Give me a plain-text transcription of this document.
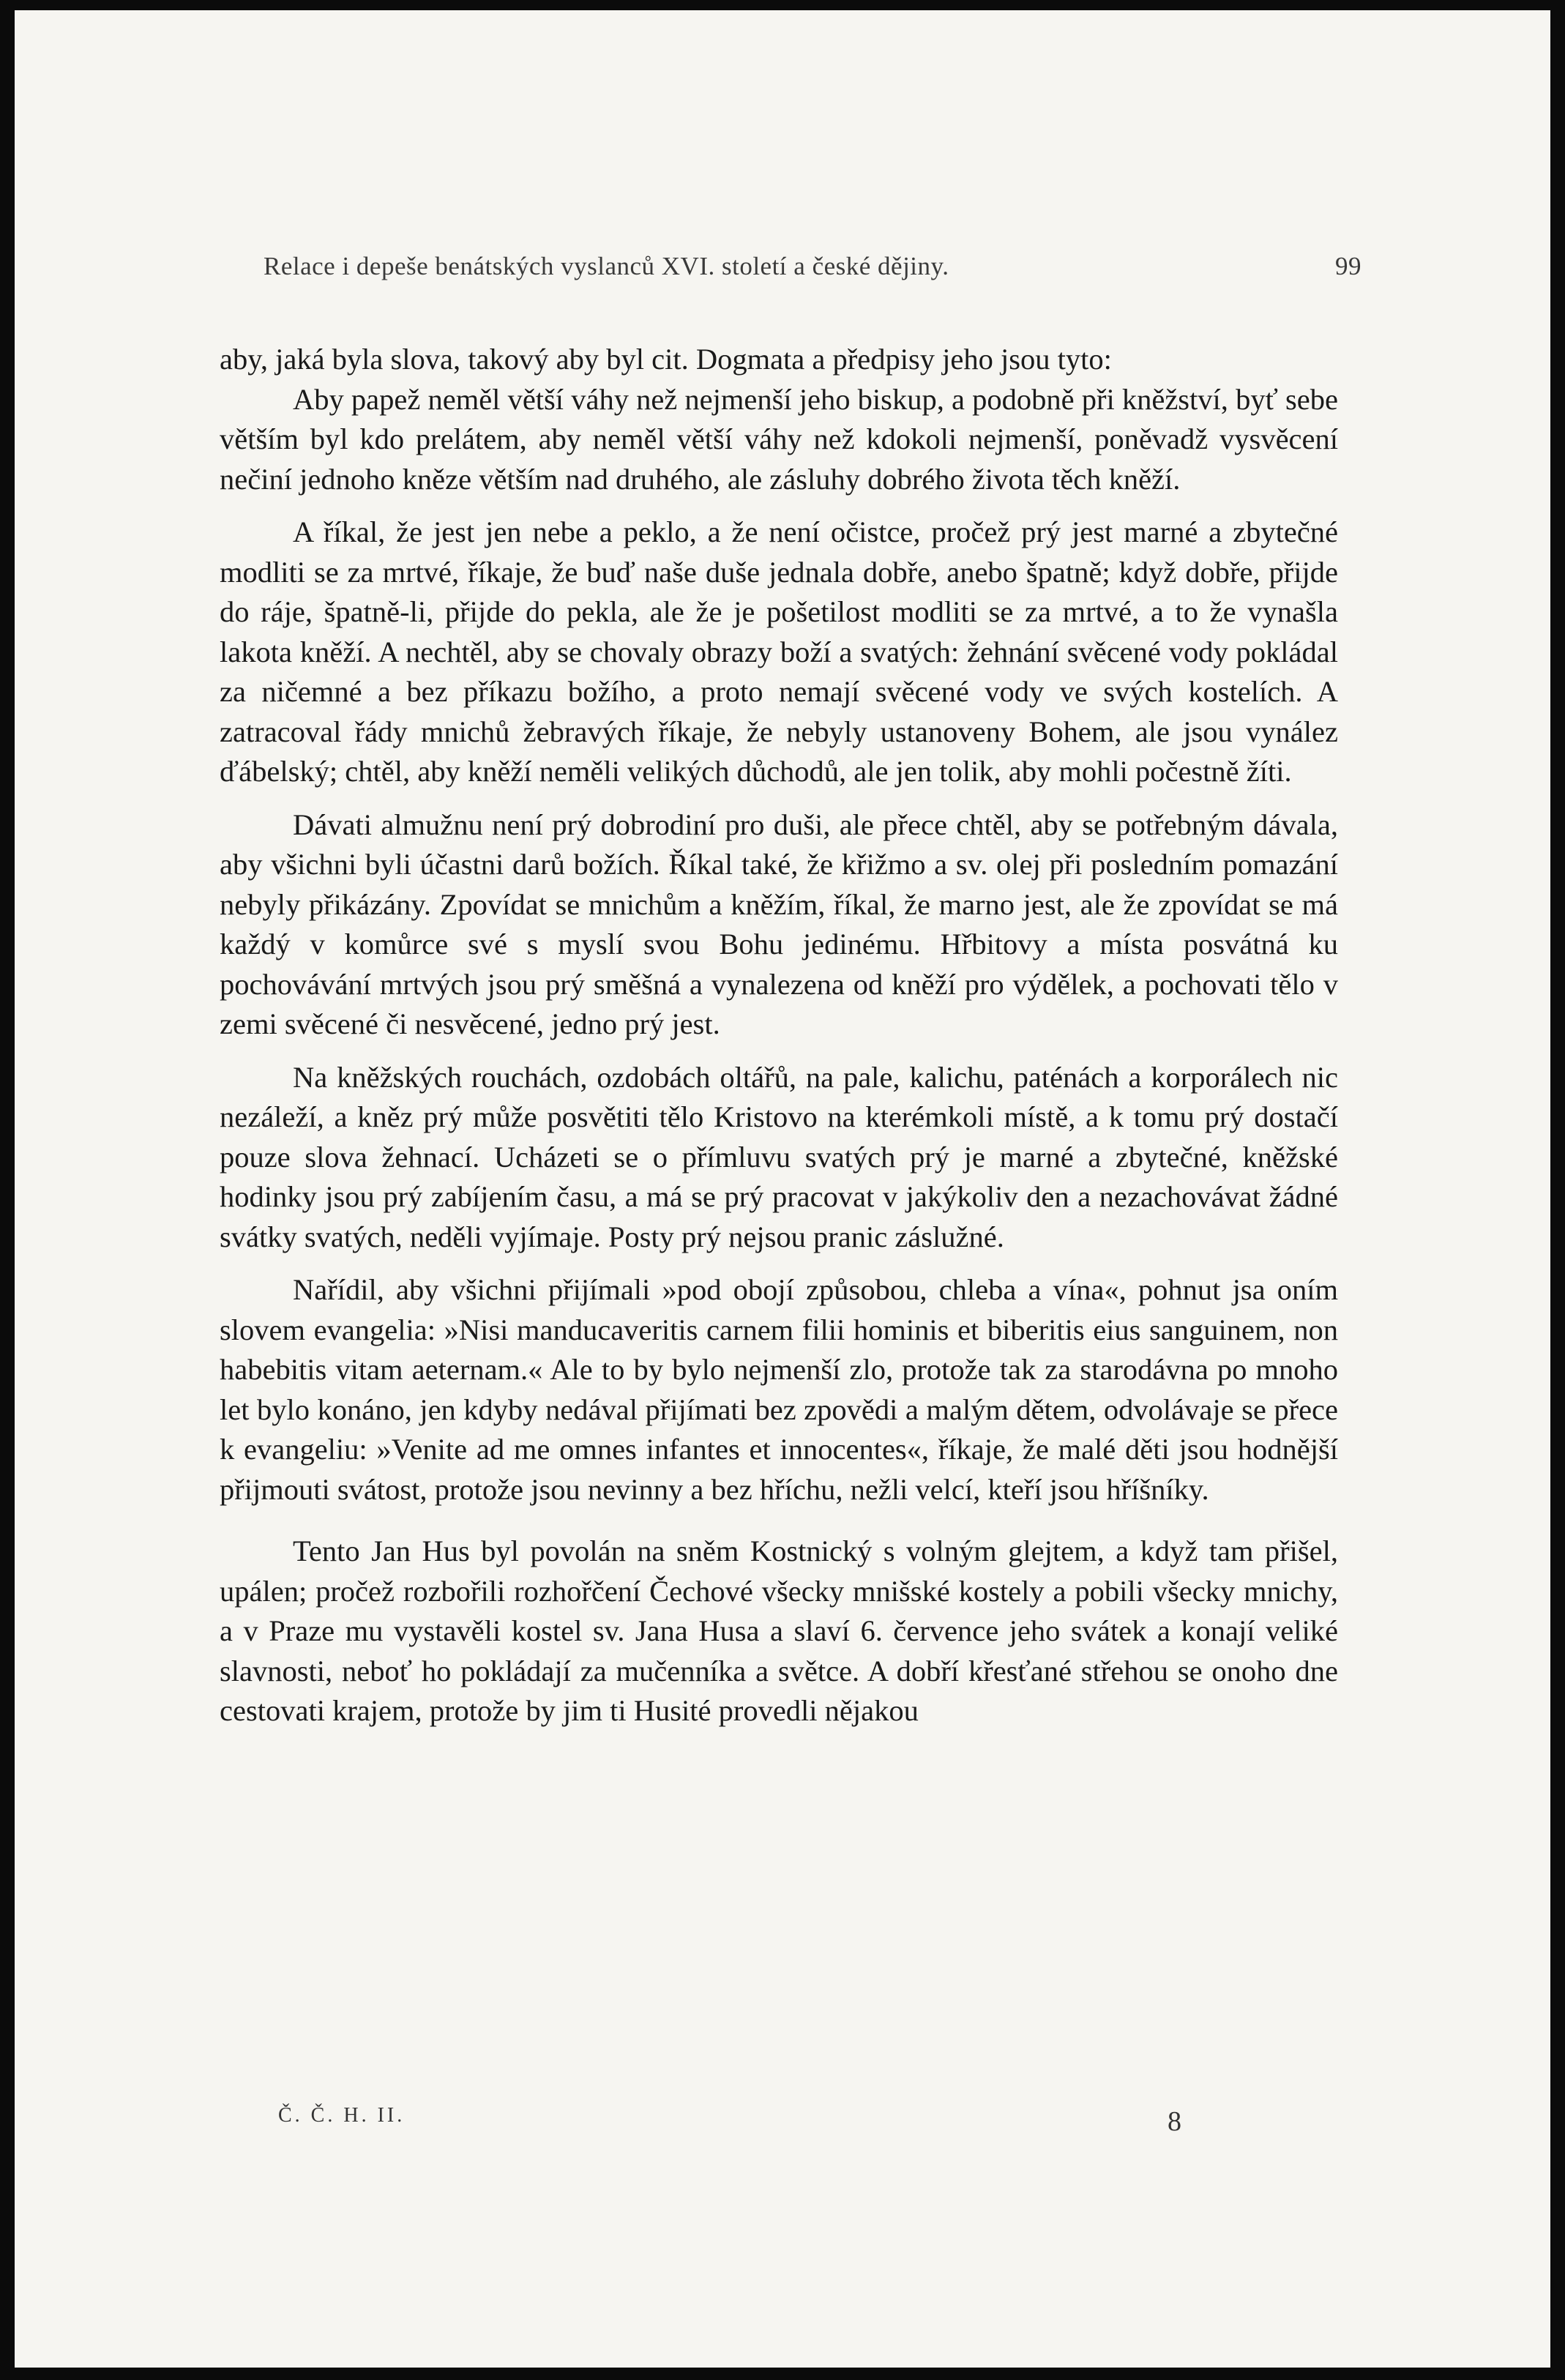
Relace i depeše benátských vyslanců XVI. století a české dějiny.	99

aby, jaká byla slova, takový aby byl cit. Dogmata a předpisy jeho jsou tyto:

Aby papež neměl větší váhy než nejmenší jeho biskup, a podobně při kněžství, byť sebe větším byl kdo prelátem, aby neměl větší váhy než kdokoli nejmenší, poněvadž vysvěcení nečiní jednoho kněze větším nad druhého, ale zásluhy dobrého života těch kněží.

A říkal, že jest jen nebe a peklo, a že není očistce, pročež prý jest marné a zbytečné modliti se za mrtvé, říkaje, že buď naše duše jednala dobře, anebo špatně; když dobře, přijde do ráje, špatně-li, přijde do pekla, ale že je pošetilost modliti se za mrtvé, a to že vynašla lakota kněží. A nechtěl, aby se chovaly obrazy boží a svatých: žehnání svěcené vody pokládal za ničemné a bez příkazu božího, a proto nemají svěcené vody ve svých kostelích. A zatracoval řády mnichů žebravých říkaje, že nebyly ustanoveny Bohem, ale jsou vynález ďábelský; chtěl, aby kněží neměli velikých důchodů, ale jen tolik, aby mohli počestně žíti.

Dávati almužnu není prý dobrodiní pro duši, ale přece chtěl, aby se potřebným dávala, aby všichni byli účastni darů božích. Říkal také, že křižmo a sv. olej při posledním pomazání nebyly přikázány. Zpovídat se mnichům a kněžím, říkal, že marno jest, ale že zpovídat se má každý v komůrce své s myslí svou Bohu jedinému. Hřbitovy a místa posvátná ku pochovávání mrtvých jsou prý směšná a vynalezena od kněží pro výdělek, a pochovati tělo v zemi svěcené či nesvěcené, jedno prý jest.

Na kněžských rouchách, ozdobách oltářů, na pale, kalichu, paténách a korporálech nic nezáleží, a kněz prý může posvětiti tělo Kristovo na kterémkoli místě, a k tomu prý dostačí pouze slova žehnací. Ucházeti se o přímluvu svatých prý je marné a zbytečné, kněžské hodinky jsou prý zabíjením času, a má se prý pracovat v jakýkoliv den a nezachovávat žádné svátky svatých, neděli vyjímaje. Posty prý nejsou pranic záslužné.

Nařídil, aby všichni přijímali »pod obojí způsobou, chleba a vína«, pohnut jsa oním slovem evangelia: »Nisi manducaveritis carnem filii hominis et biberitis eius sanguinem, non habebitis vitam aeternam.« Ale to by bylo nejmenší zlo, protože tak za starodávna po mnoho let bylo konáno, jen kdyby nedával přijímati bez zpovědi a malým dětem, odvolávaje se přece k evangeliu: »Venite ad me omnes infantes et innocentes«, říkaje, že malé děti jsou hodnější přijmouti svátost, protože jsou nevinny a bez hříchu, nežli velcí, kteří jsou hříšníky.

Tento Jan Hus byl povolán na sněm Kostnický s volným glejtem, a když tam přišel, upálen; pročež rozbořili rozhořčení Čechové všecky mnišské kostely a pobili všecky mnichy, a v Praze mu vystavěli kostel sv. Jana Husa a slaví 6. července jeho svátek a konají veliké slavnosti, neboť ho pokládají za mučenníka a světce. A dobří křesťané střehou se onoho dne cestovati krajem, protože by jim ti Husité provedli nějakou

Č. Č. H. II.	8
